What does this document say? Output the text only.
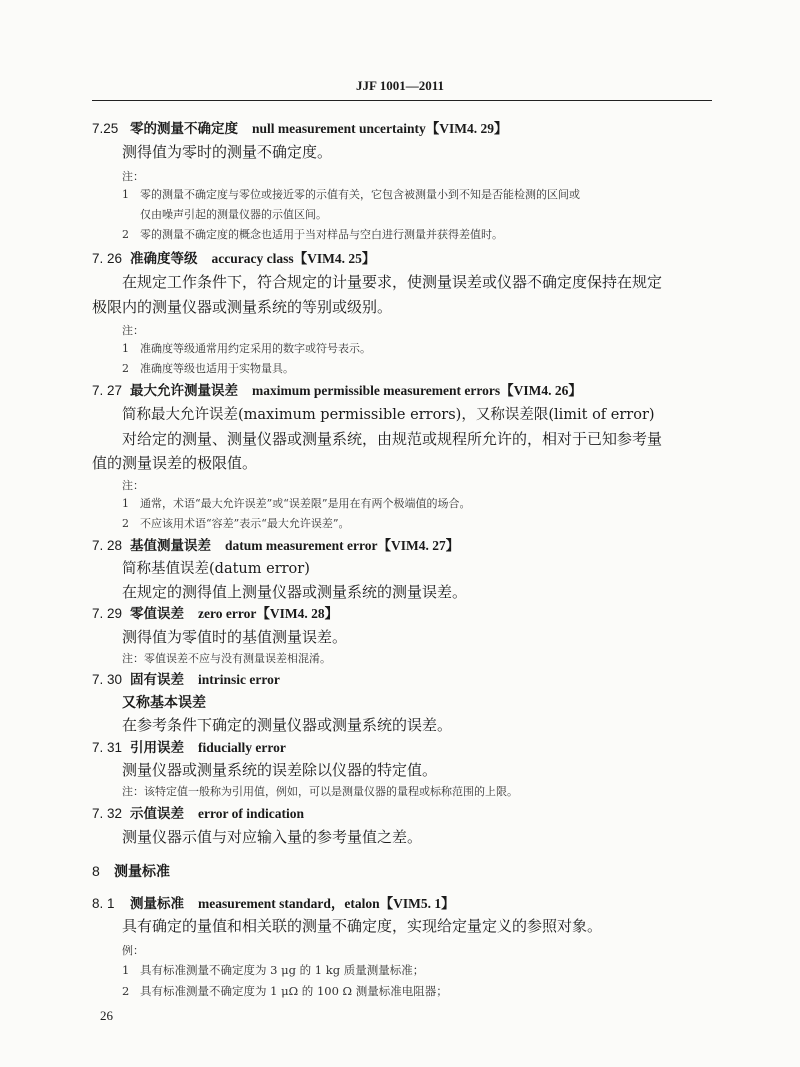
JJF 1001—2011
7.25 零的测量不确定度 null measurement uncertainty【VIM4. 29】
测得值为零时的测量不确定度。
注：
1 零的测量不确定度与零位或接近零的示值有关，它包含被测量小到不知是否能检测的区间或
仅由噪声引起的测量仪器的示值区间。
2 零的测量不确定度的概念也适用于当对样品与空白进行测量并获得差值时。
7. 26 准确度等级 accuracy class【VIM4. 25】
在规定工作条件下，符合规定的计量要求，使测量误差或仪器不确定度保持在规定
极限内的测量仪器或测量系统的等别或级别。
注：
1 准确度等级通常用约定采用的数字或符号表示。
2 准确度等级也适用于实物量具。
7. 27 最大允许测量误差 maximum permissible measurement errors【VIM4. 26】
简称最大允许误差(maximum permissible errors)，又称误差限(limit of error)
对给定的测量、测量仪器或测量系统，由规范或规程所允许的，相对于已知参考量
值的测量误差的极限值。
注：
1 通常，术语“最大允许误差”或“误差限”是用在有两个极端值的场合。
2 不应该用术语“容差”表示“最大允许误差”。
7. 28 基值测量误差 datum measurement error【VIM4. 27】
简称基值误差(datum error)
在规定的测得值上测量仪器或测量系统的测量误差。
7. 29 零值误差 zero error【VIM4. 28】
测得值为零值时的基值测量误差。
注：零值误差不应与没有测量误差相混淆。
7. 30 固有误差 intrinsic error
又称基本误差
在参考条件下确定的测量仪器或测量系统的误差。
7. 31 引用误差 fiducially error
测量仪器或测量系统的误差除以仪器的特定值。
注：该特定值一般称为引用值，例如，可以是测量仪器的量程或标称范围的上限。
7. 32 示值误差 error of indication
测量仪器示值与对应输入量的参考量值之差。
8 测量标准
8. 1 测量标准 measurement standard，etalon【VIM5. 1】
具有确定的量值和相关联的测量不确定度，实现给定量定义的参照对象。
例：
1 具有标准测量不确定度为 3 μg 的 1 kg 质量测量标准；
2 具有标准测量不确定度为 1 μΩ 的 100 Ω 测量标准电阻器；
26
